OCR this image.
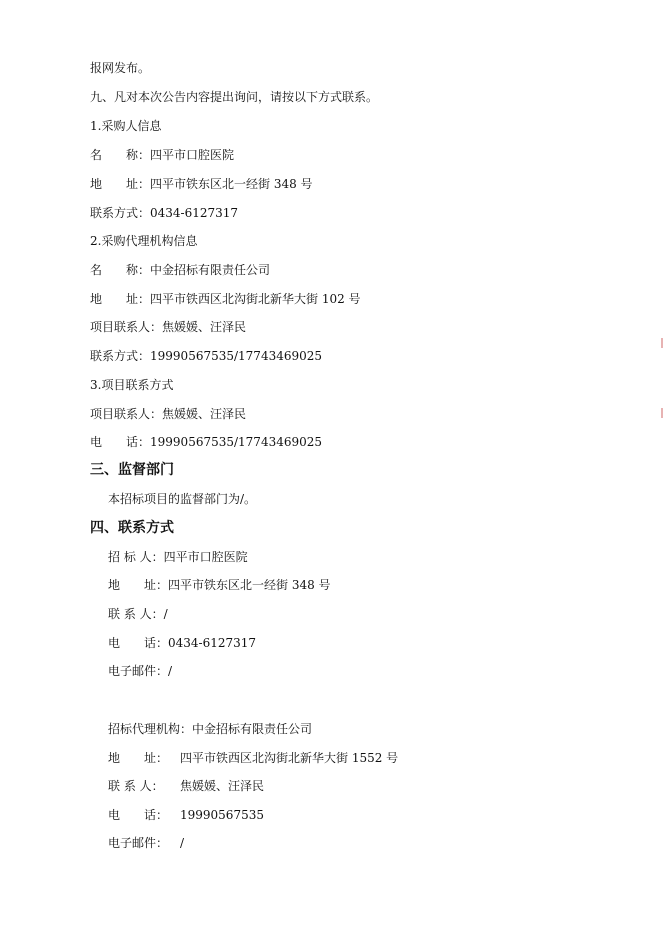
报网发布。
九、凡对本次公告内容提出询问，请按以下方式联系。
1.采购人信息
名　　称：四平市口腔医院
地　　址：四平市铁东区北一经街 348 号
联系方式：0434-6127317
2.采购代理机构信息
名　　称：中金招标有限责任公司
地　　址：四平市铁西区北沟街北新华大街 102 号
项目联系人：焦媛媛、汪泽民
联系方式：19990567535/17743469025
3.项目联系方式
项目联系人：焦媛媛、汪泽民
电　　话：19990567535/17743469025
三、监督部门
本招标项目的监督部门为/。
四、联系方式
招 标 人：四平市口腔医院
地　　址：四平市铁东区北一经街 348 号
联 系 人：/
电　　话：0434-6127317
电子邮件：/
招标代理机构：中金招标有限责任公司
地　　址： 四平市铁西区北沟街北新华大街 1552 号
联 系 人： 焦媛媛、汪泽民
电　　话： 19990567535
电子邮件： /
